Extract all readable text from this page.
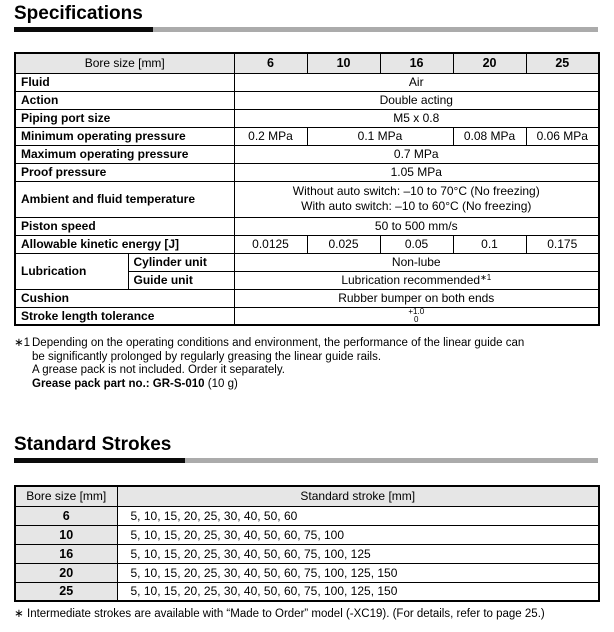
Specifications
Bore size [mm]		6	10	16	20	25
Fluid		Air				
Action		Double acting				
Piping port size		M5 x 0.8				
Minimum operating pressure		0.2 MPa	0.1 MPa		0.08 MPa	0.06 MPa
Maximum operating pressure		0.7 MPa				
Proof pressure		1.05 MPa				
Ambient and fluid temperature		Without auto switch: –10 to 70°C (No freezing)
With auto switch: –10 to 60°C (No freezing)				

Piston speed		50 to 500 mm/s				
Allowable kinetic energy [J]		0.0125	0.025	0.05	0.1	0.175
Lubrication	Cylinder unit	Non-lube				
	Guide unit	Lubrication recommended$^{∗1}$
Cushion		Rubber bumper on both ends				
Stroke length tolerance		+1.0
0				
∗1 Depending on the operating conditions and environment, the performance of the linear guide can
be significantly prolonged by regularly greasing the linear guide rails.
A grease pack is not included. Order it separately.
Grease pack part no.: GR-S-010 (10 g)
Standard Strokes
Bore size [mm]	Standard stroke [mm]
6	5, 10, 15, 20, 25, 30, 40, 50, 60
10	5, 10, 15, 20, 25, 30, 40, 50, 60, 75, 100
16	5, 10, 15, 20, 25, 30, 40, 50, 60, 75, 100, 125
20	5, 10, 15, 20, 25, 30, 40, 50, 60, 75, 100, 125, 150
25	5, 10, 15, 20, 25, 30, 40, 50, 60, 75, 100, 125, 150
∗ Intermediate strokes are available with “Made to Order” model (-XC19). (For details, refer to page 25.)
